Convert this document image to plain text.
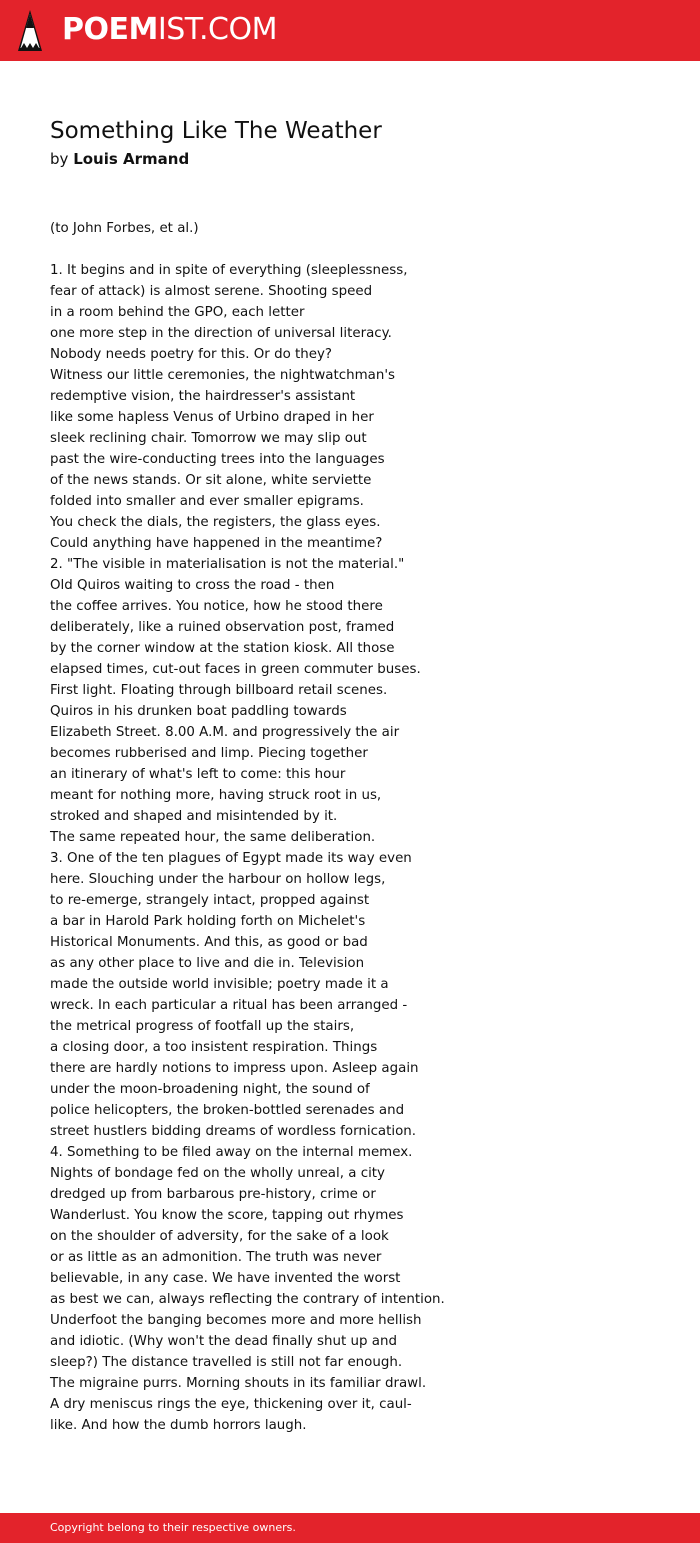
POEMIST.COM
Something Like The Weather
by Louis Armand
(to John Forbes, et al.)
1. It begins and in spite of everything (sleeplessness,
fear of attack) is almost serene. Shooting speed
in a room behind the GPO, each letter
one more step in the direction of universal literacy.
Nobody needs poetry for this. Or do they?
Witness our little ceremonies, the nightwatchman's
redemptive vision, the hairdresser's assistant
like some hapless Venus of Urbino draped in her
sleek reclining chair. Tomorrow we may slip out
past the wire-conducting trees into the languages
of the news stands. Or sit alone, white serviette
folded into smaller and ever smaller epigrams.
You check the dials, the registers, the glass eyes.
Could anything have happened in the meantime?
2. "The visible in materialisation is not the material."
Old Quiros waiting to cross the road - then
the coffee arrives. You notice, how he stood there
deliberately, like a ruined observation post, framed
by the corner window at the station kiosk. All those
elapsed times, cut-out faces in green commuter buses.
First light. Floating through billboard retail scenes.
Quiros in his drunken boat paddling towards
Elizabeth Street. 8.00 A.M. and progressively the air
becomes rubberised and limp. Piecing together
an itinerary of what's left to come: this hour
meant for nothing more, having struck root in us,
stroked and shaped and misintended by it.
The same repeated hour, the same deliberation.
3. One of the ten plagues of Egypt made its way even
here. Slouching under the harbour on hollow legs,
to re-emerge, strangely intact, propped against
a bar in Harold Park holding forth on Michelet's
Historical Monuments. And this, as good or bad
as any other place to live and die in. Television
made the outside world invisible; poetry made it a
wreck. In each particular a ritual has been arranged -
the metrical progress of footfall up the stairs,
a closing door, a too insistent respiration. Things
there are hardly notions to impress upon. Asleep again
under the moon-broadening night, the sound of
police helicopters, the broken-bottled serenades and
street hustlers bidding dreams of wordless fornication.
4. Something to be filed away on the internal memex.
Nights of bondage fed on the wholly unreal, a city
dredged up from barbarous pre-history, crime or
Wanderlust. You know the score, tapping out rhymes
on the shoulder of adversity, for the sake of a look
or as little as an admonition. The truth was never
believable, in any case. We have invented the worst
as best we can, always reflecting the contrary of intention.
Underfoot the banging becomes more and more hellish
and idiotic. (Why won't the dead finally shut up and
sleep?) The distance travelled is still not far enough.
The migraine purrs. Morning shouts in its familiar drawl.
A dry meniscus rings the eye, thickening over it, caul-
like. And how the dumb horrors laugh.
Copyright belong to their respective owners.
